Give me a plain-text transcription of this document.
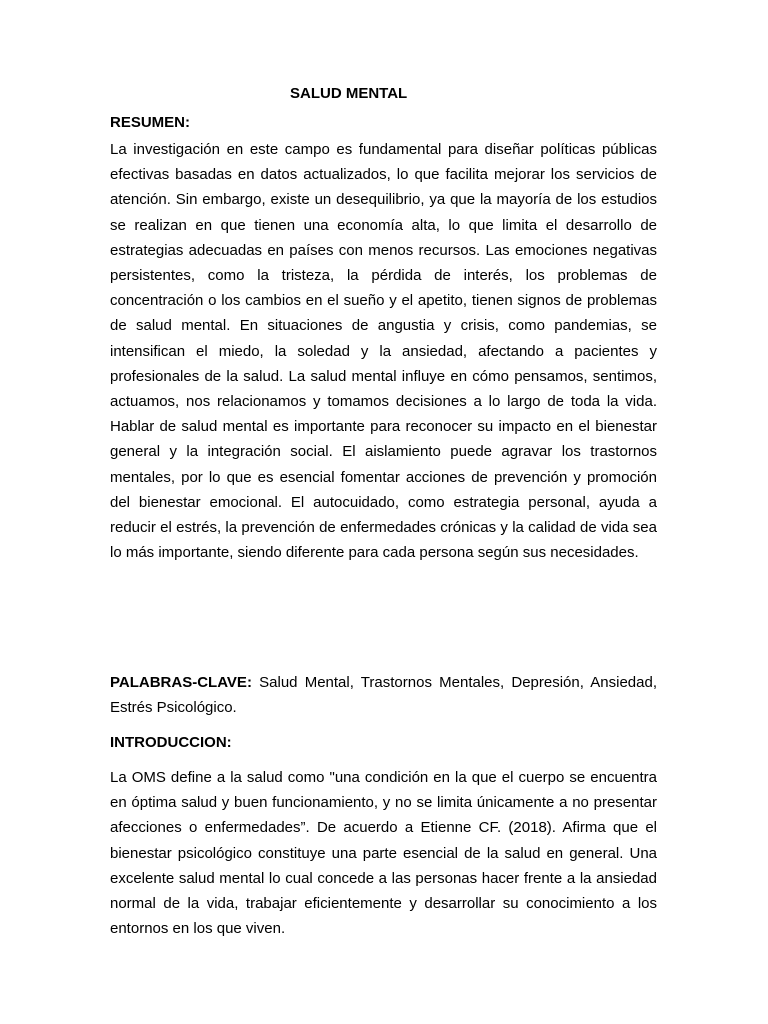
SALUD MENTAL
RESUMEN:
La investigación en este campo es fundamental para diseñar políticas públicas efectivas basadas en datos actualizados, lo que facilita mejorar los servicios de atención. Sin embargo, existe un desequilibrio, ya que la mayoría de los estudios se realizan en que tienen una economía alta, lo que limita el desarrollo de estrategias adecuadas en países con menos recursos. Las emociones negativas persistentes, como la tristeza, la pérdida de interés, los problemas de concentración o los cambios en el sueño y el apetito, tienen signos de problemas de salud mental. En situaciones de angustia y crisis, como pandemias, se intensifican el miedo, la soledad y la ansiedad, afectando a pacientes y profesionales de la salud. La salud mental influye en cómo pensamos, sentimos, actuamos, nos relacionamos y tomamos decisiones a lo largo de toda la vida. Hablar de salud mental es importante para reconocer su impacto en el bienestar general y la integración social. El aislamiento puede agravar los trastornos mentales, por lo que es esencial fomentar acciones de prevención y promoción del bienestar emocional. El autocuidado, como estrategia personal, ayuda a reducir el estrés, la prevención de enfermedades crónicas y la calidad de vida sea lo más importante, siendo diferente para cada persona según sus necesidades.
PALABRAS-CLAVE: Salud Mental, Trastornos Mentales, Depresión, Ansiedad, Estrés Psicológico.
INTRODUCCION:
La OMS define a la salud como "una condición en la que el cuerpo se encuentra en óptima salud y buen funcionamiento, y no se limita únicamente a no presentar afecciones o enfermedades”. De acuerdo a Etienne CF. (2018). Afirma que el bienestar psicológico constituye una parte esencial de la salud en general. Una excelente salud mental lo cual concede a las personas hacer frente a la ansiedad normal de la vida, trabajar eficientemente y desarrollar su conocimiento a los entornos en los que viven.
